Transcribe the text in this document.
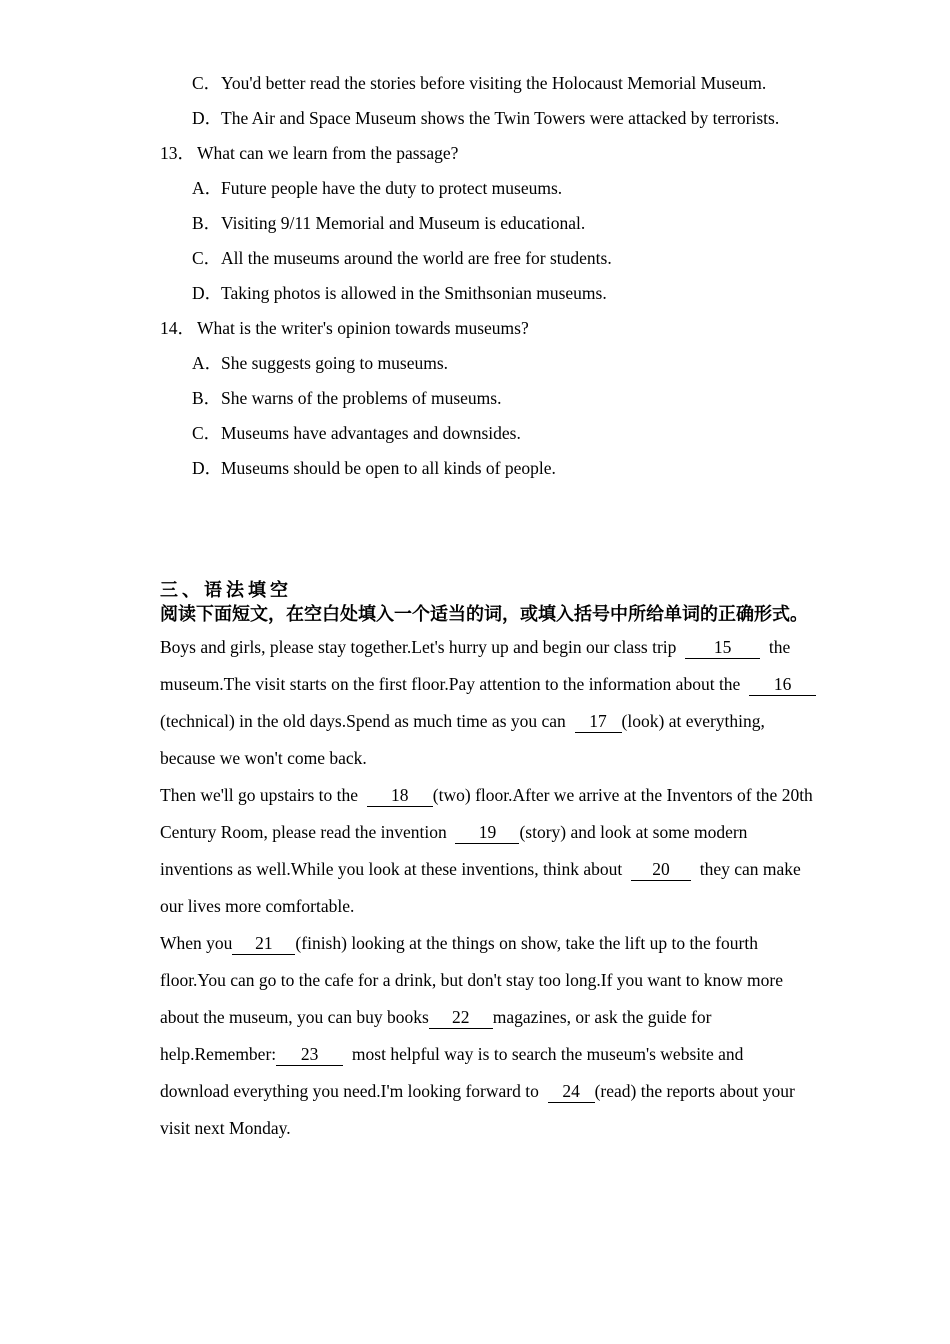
C．You'd better read the stories before visiting the Holocaust Memorial Museum.
D．The Air and Space Museum shows the Twin Towers were attacked by terrorists.
13． What can we learn from the passage?
A．Future people have the duty to protect museums.
B．Visiting 9/11 Memorial and Museum is educational.
C．All the museums around the world are free for students.
D．Taking photos is allowed in the Smithsonian museums.
14． What is the writer's opinion towards museums?
A．She suggests going to museums.
B．She warns of the problems of museums.
C．Museums have advantages and downsides.
D．Museums should be open to all kinds of people.
三、语法填空
阅读下面短文，在空白处填入一个适当的词，或填入括号中所给单词的正确形式。
Boys and girls, please stay together.Let's hurry up and begin our class trip  15  the
museum.The visit starts on the first floor.Pay attention to the information about the  16
(technical) in the old days.Spend as much time as you can  17 (look) at everything,
because we won't come back.
Then we'll go upstairs to the  18 (two) floor.After we arrive at the Inventors of the 20th
Century Room, please read the invention  19 (story) and look at some modern
inventions as well.While you look at these inventions, think about  20  they can make
our lives more comfortable.
When you 21 (finish) looking at the things on show, take the lift up to the fourth
floor.You can go to the cafe for a drink, but don't stay too long.If you want to know more
about the museum, you can buy books 22 magazines, or ask the guide for
help.Remember: 23  most helpful way is to search the museum's website and
download everything you need.I'm looking forward to  24 (read) the reports about your
visit next Monday.
